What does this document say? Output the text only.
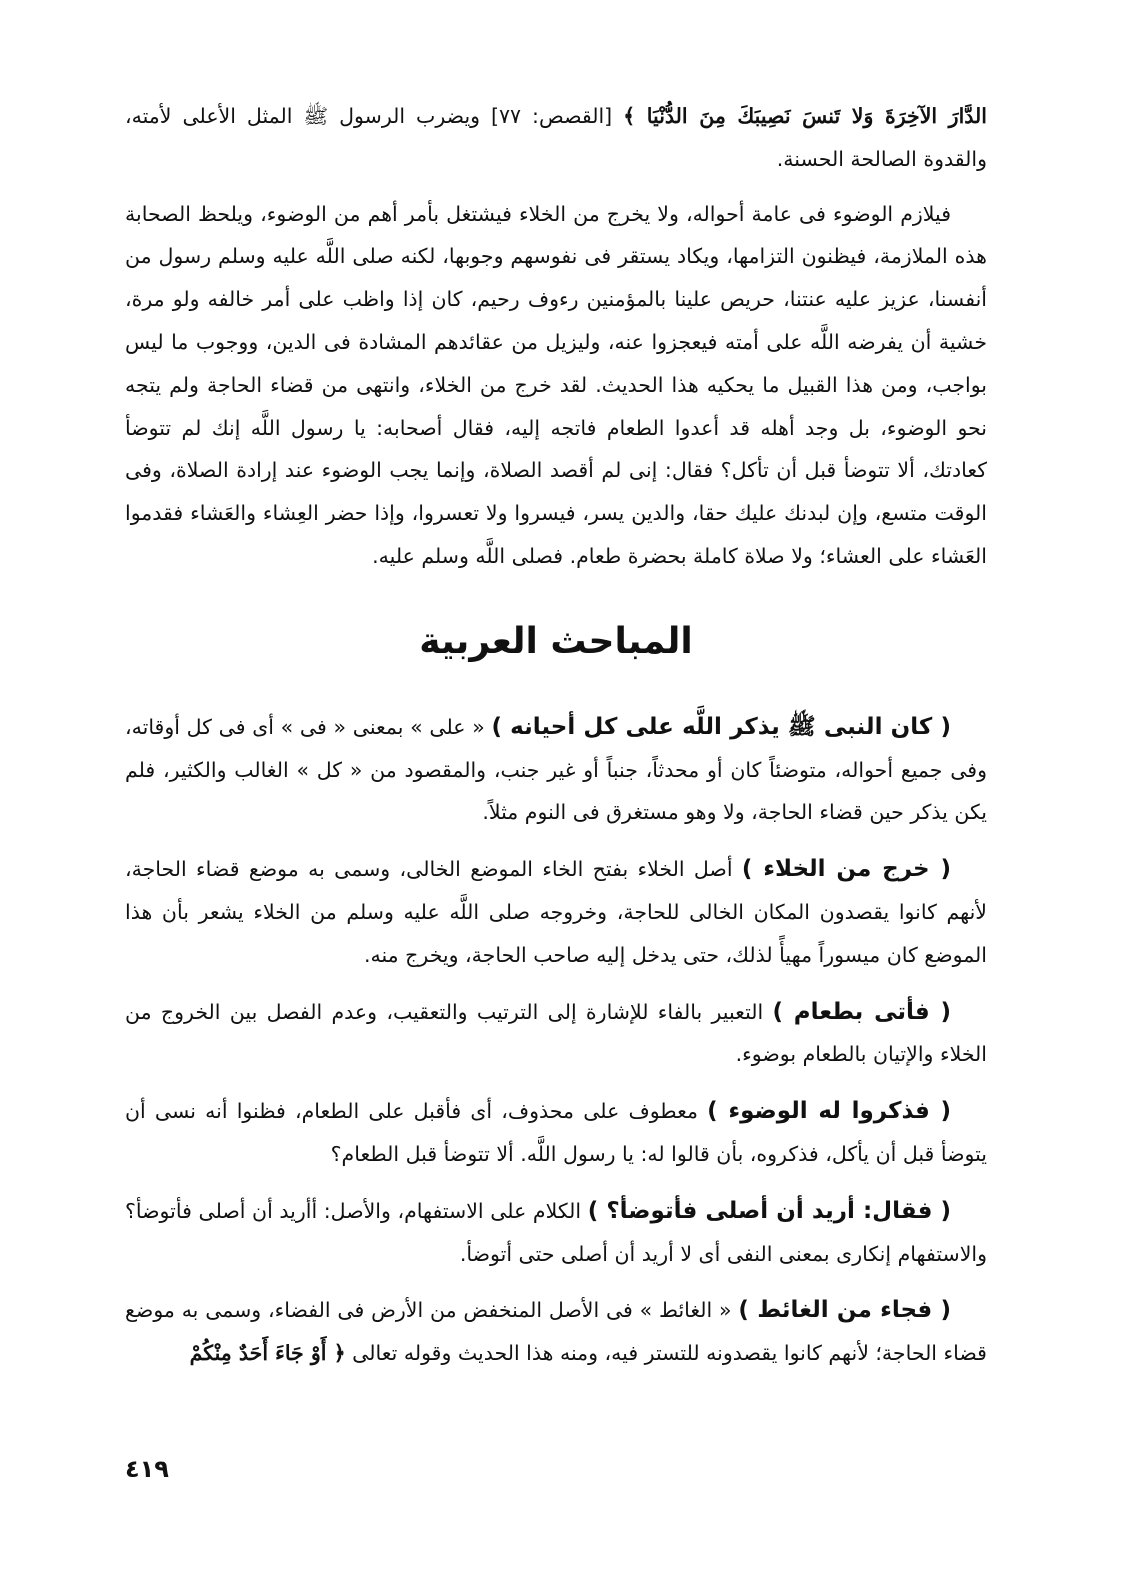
الدَّارَ الآخِرَةَ وَلا تَنسَ نَصِيبَكَ مِنَ الدُّنْيَا ﴾ [القصص: ٧٧] ويضرب الرسول ﷺ المثل الأعلى لأمته، والقدوة الصالحة الحسنة.

فيلازم الوضوء فى عامة أحواله، ولا يخرج من الخلاء فيشتغل بأمر أهم من الوضوء، ويلحظ الصحابة هذه الملازمة، فيظنون التزامها، ويكاد يستقر فى نفوسهم وجوبها، لكنه صلى اللَّه عليه وسلم رسول من أنفسنا، عزيز عليه عنتنا، حريص علينا بالمؤمنين رءوف رحيم، كان إذا واظب على أمر خالفه ولو مرة، خشية أن يفرضه اللَّه على أمته فيعجزوا عنه، وليزيل من عقائدهم المشادة فى الدين، ووجوب ما ليس بواجب، ومن هذا القبيل ما يحكيه هذا الحديث. لقد خرج من الخلاء، وانتهى من قضاء الحاجة ولم يتجه نحو الوضوء، بل وجد أهله قد أعدوا الطعام فاتجه إليه، فقال أصحابه: يا رسول اللَّه إنك لم تتوضأ كعادتك، ألا تتوضأ قبل أن تأكل؟ فقال: إنى لم أقصد الصلاة، وإنما يجب الوضوء عند إرادة الصلاة، وفى الوقت متسع، وإن لبدنك عليك حقا، والدين يسر، فيسروا ولا تعسروا، وإذا حضر العِشاء والعَشاء فقدموا العَشاء على العشاء؛ ولا صلاة كاملة بحضرة طعام. فصلى اللَّه وسلم عليه.

المباحث العربية

( كان النبى ﷺ يذكر اللَّه على كل أحيانه ) « على » بمعنى « فى » أى فى كل أوقاته، وفى جميع أحواله، متوضئاً كان أو محدثاً، جنباً أو غير جنب، والمقصود من « كل » الغالب والكثير، فلم يكن يذكر حين قضاء الحاجة، ولا وهو مستغرق فى النوم مثلاً.

( خرج من الخلاء ) أصل الخلاء بفتح الخاء الموضع الخالى، وسمى به موضع قضاء الحاجة، لأنهم كانوا يقصدون المكان الخالى للحاجة، وخروجه صلى اللَّه عليه وسلم من الخلاء يشعر بأن هذا الموضع كان ميسوراً مهيأً لذلك، حتى يدخل إليه صاحب الحاجة، ويخرج منه.

( فأتى بطعام ) التعبير بالفاء للإشارة إلى الترتيب والتعقيب، وعدم الفصل بين الخروج من الخلاء والإتيان بالطعام بوضوء.

( فذكروا له الوضوء ) معطوف على محذوف، أى فأقبل على الطعام، فظنوا أنه نسى أن يتوضأ قبل أن يأكل، فذكروه، بأن قالوا له: يا رسول اللَّه. ألا تتوضأ قبل الطعام؟

( فقال: أريد أن أصلى فأتوضأ؟ ) الكلام على الاستفهام، والأصل: أأريد أن أصلى فأتوضأ؟ والاستفهام إنكارى بمعنى النفى أى لا أريد أن أصلى حتى أتوضأ.

( فجاء من الغائط ) « الغائط » فى الأصل المنخفض من الأرض فى الفضاء، وسمى به موضع قضاء الحاجة؛ لأنهم كانوا يقصدونه للتستر فيه، ومنه هذا الحديث وقوله تعالى ﴿ أَوْ جَاءَ أَحَدٌ مِنْكُمْ

٤١٩
